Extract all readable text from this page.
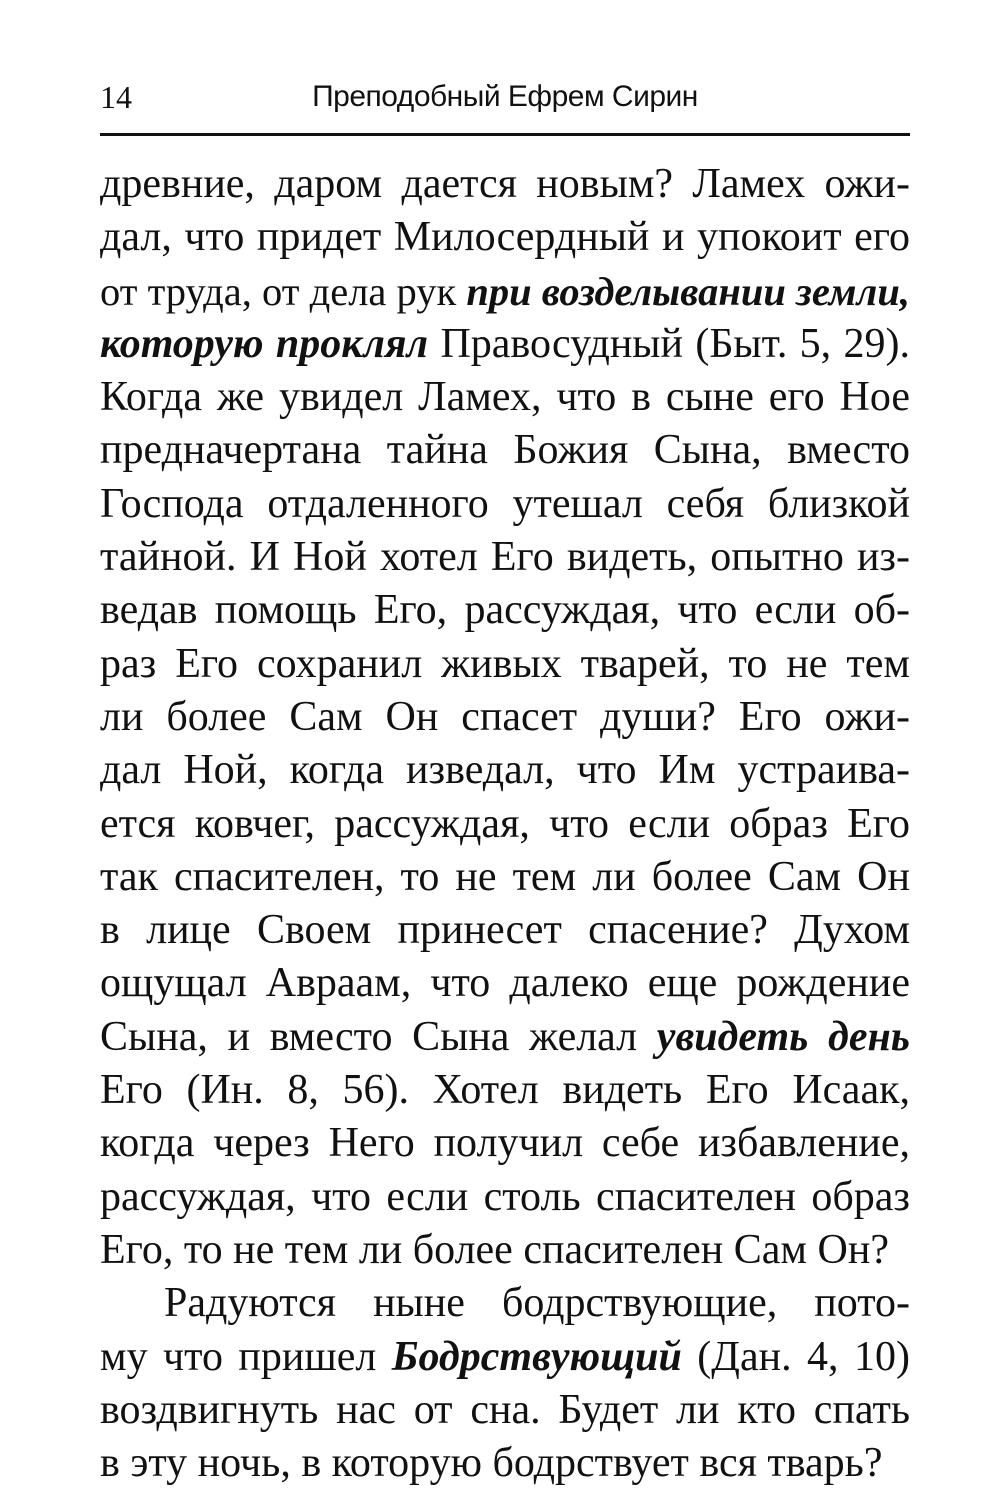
14	Преподобный Ефрем Сирин
древние, даром дается новым? Ламех ожи-
дал, что придет Милосердный и упокоит его
от труда, от дела рук при возделывании земли,
которую проклял Правосудный (Быт. 5, 29).
Когда же увидел Ламех, что в сыне его Ное
предначертана тайна Божия Сына, вместо
Господа отдаленного утешал себя близкой
тайной. И Ной хотел Его видеть, опытно из-
ведав помощь Его, рассуждая, что если об-
раз Его сохранил живых тварей, то не тем
ли более Сам Он спасет души? Его ожи-
дал Ной, когда изведал, что Им устраива-
ется ковчег, рассуждая, что если образ Его
так спасителен, то не тем ли более Сам Он
в лице Своем принесет спасение? Духом
ощущал Авраам, что далеко еще рождение
Сына, и вместо Сына желал увидеть день
Его (Ин. 8, 56). Хотел видеть Его Исаак,
когда через Него получил себе избавление,
рассуждая, что если столь спасителен образ
Его, то не тем ли более спасителен Сам Он?
Радуются ныне бодрствующие, пото-
му что пришел Бодрствующий (Дан. 4, 10)
воздвигнуть нас от сна. Будет ли кто спать
в эту ночь, в которую бодрствует вся тварь?
